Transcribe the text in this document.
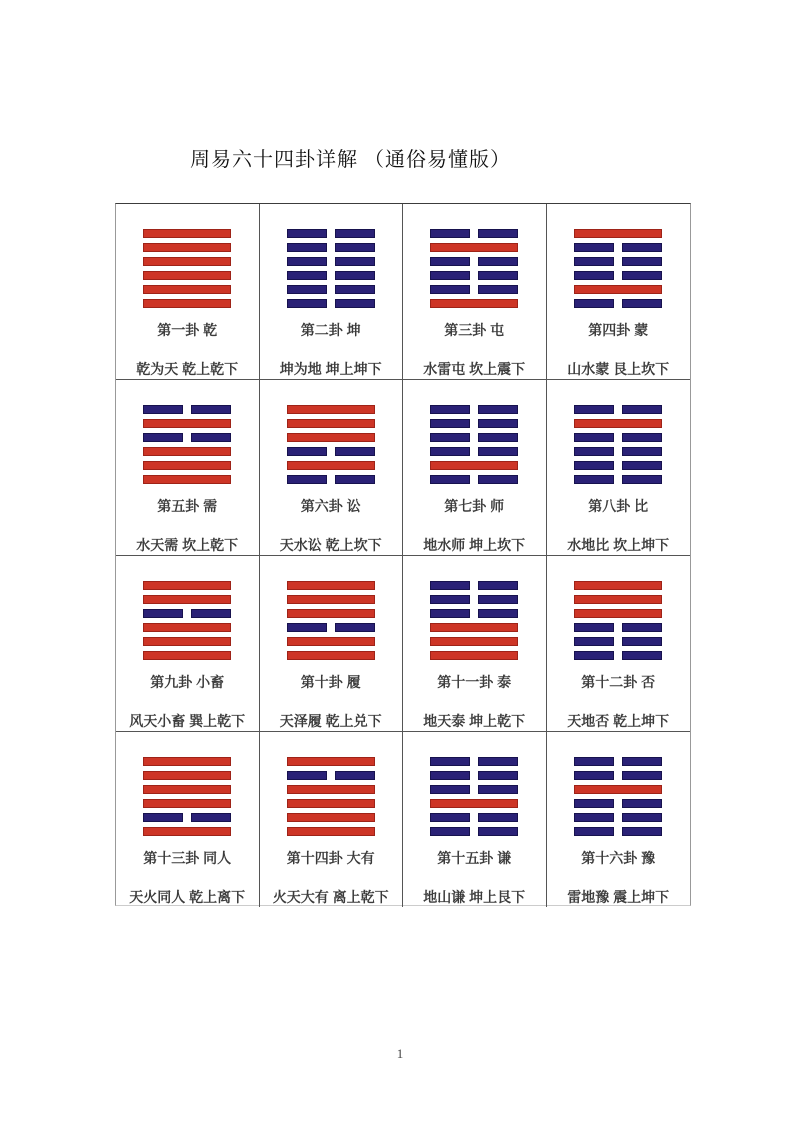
周易六十四卦详解 （通俗易懂版）
第一卦 乾
乾为天 乾上乾下
第二卦 坤
坤为地 坤上坤下
第三卦 屯
水雷屯 坎上震下
第四卦 蒙
山水蒙 艮上坎下
第五卦 需
水天需 坎上乾下
第六卦 讼
天水讼 乾上坎下
第七卦 师
地水师 坤上坎下
第八卦 比
水地比 坎上坤下
第九卦 小畜
风天小畜 巽上乾下
第十卦 履
天泽履 乾上兑下
第十一卦 泰
地天泰 坤上乾下
第十二卦 否
天地否 乾上坤下
第十三卦 同人
天火同人 乾上离下
第十四卦 大有
火天大有 离上乾下
第十五卦 谦
地山谦 坤上艮下
第十六卦 豫
雷地豫 震上坤下
1
